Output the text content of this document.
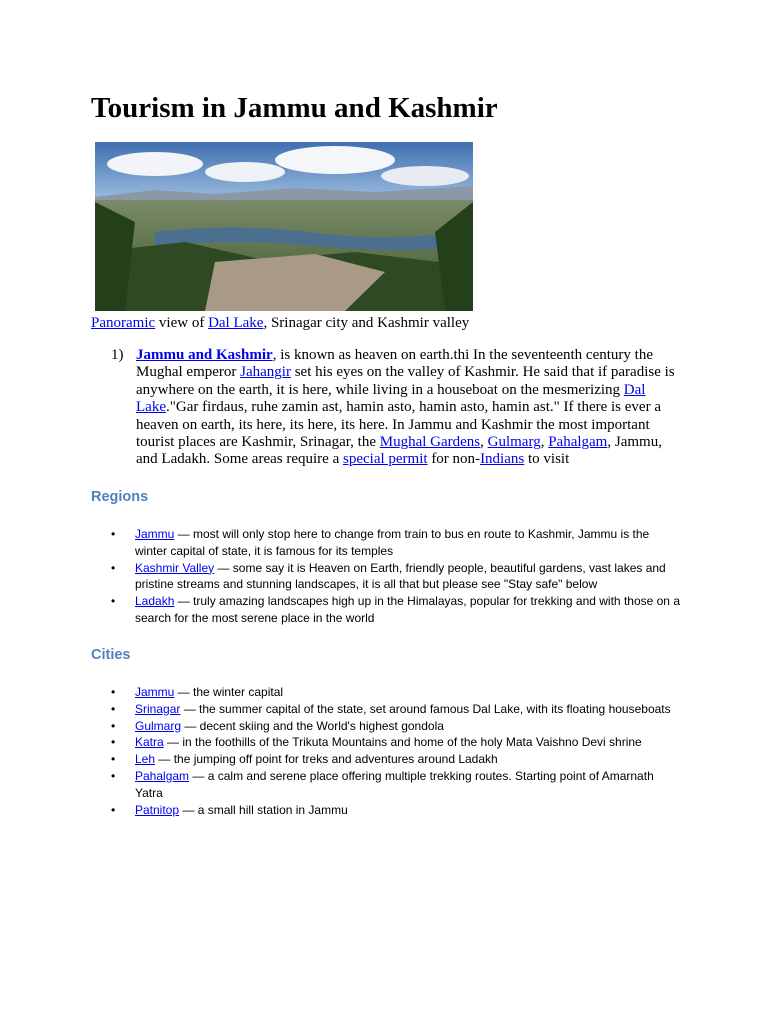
Tourism in Jammu and Kashmir

Panoramic view of Dal Lake, Srinagar city and Kashmir valley

1) Jammu and Kashmir, is known as heaven on earth.thi In the seventeenth century the Mughal emperor Jahangir set his eyes on the valley of Kashmir. He said that if paradise is anywhere on the earth, it is here, while living in a houseboat on the mesmerizing Dal Lake."Gar firdaus, ruhe zamin ast, hamin asto, hamin asto, hamin ast." If there is ever a heaven on earth, its here, its here, its here. In Jammu and Kashmir the most important tourist places are Kashmir, Srinagar, the Mughal Gardens, Gulmarg, Pahalgam, Jammu, and Ladakh. Some areas require a special permit for non-Indians to visit
Regions
• Jammu — most will only stop here to change from train to bus en route to Kashmir, Jammu is the winter capital of state, it is famous for its temples
• Kashmir Valley — some say it is Heaven on Earth, friendly people, beautiful gardens, vast lakes and pristine streams and stunning landscapes, it is all that but please see "Stay safe" below
• Ladakh — truly amazing landscapes high up in the Himalayas, popular for trekking and with those on a search for the most serene place in the world
Cities
• Jammu — the winter capital
• Srinagar — the summer capital of the state, set around famous Dal Lake, with its floating houseboats
• Gulmarg — decent skiing and the World's highest gondola
• Katra — in the foothills of the Trikuta Mountains and home of the holy Mata Vaishno Devi shrine
• Leh — the jumping off point for treks and adventures around Ladakh
• Pahalgam — a calm and serene place offering multiple trekking routes. Starting point of Amarnath Yatra
• Patnitop — a small hill station in Jammu
